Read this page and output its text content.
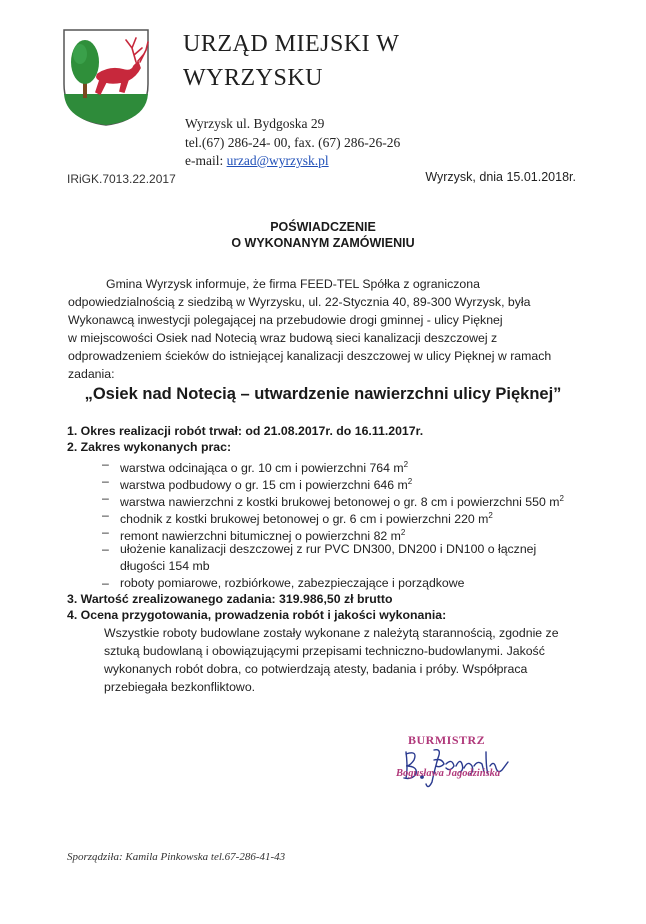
URZĄD MIEJSKI W
WYRZYSKU
Wyrzysk ul. Bydgoska 29
tel.(67) 286-24- 00, fax. (67) 286-26-26
e-mail: urzad@wyrzysk.pl
IRiGK.7013.22.2017	Wyrzysk, dnia 15.01.2018r.
POŚWIADCZENIE
O WYKONANYM ZAMÓWIENIU
Gmina Wyrzysk informuje, że firma FEED-TEL Spółka z ograniczona
odpowiedzialnością z siedzibą w Wyrzysku, ul. 22-Stycznia 40, 89-300 Wyrzysk, była
Wykonawcą inwestycji polegającej na przebudowie drogi gminnej - ulicy Pięknej
w miejscowości Osiek nad Notecią wraz budową sieci kanalizacji deszczowej z
odprowadzeniem ścieków do istniejącej kanalizacji deszczowej w ulicy Pięknej w ramach
zadania:
„Osiek nad Notecią – utwardzenie nawierzchni ulicy Pięknej”
1. Okres realizacji robót trwał: od 21.08.2017r. do 16.11.2017r.
2. Zakres wykonanych prac:
– warstwa odcinająca o gr. 10 cm i powierzchni 764 $m^2$
– warstwa podbudowy o gr. 15 cm i powierzchni 646 $m^2$
– warstwa nawierzchni z kostki brukowej betonowej o gr. 8 cm i powierzchni 550 $m^2$
– chodnik z kostki brukowej betonowej o gr. 6 cm i powierzchni 220 $m^2$
– remont nawierzchni bitumicznej o powierzchni 82 $m^2$
– ułożenie kanalizacji deszczowej z rur PVC DN300, DN200 i DN100 o łącznej
długości 154 mb
– roboty pomiarowe, rozbiórkowe, zabezpieczające i porządkowe
3. Wartość zrealizowanego zadania: 319.986,50 zł brutto
4. Ocena przygotowania, prowadzenia robót i jakości wykonania:
Wszystkie roboty budowlane zostały wykonane z należytą starannością, zgodnie ze
sztuką budowlaną i obowiązującymi przepisami techniczno-budowlanymi. Jakość
wykonanych robót dobra, co potwierdzają atesty, badania i próby. Współpraca
przebiegała bezkonfliktowo.
BURMISTRZ
Bogusława Jagodzińska
Sporządziła: Kamila Pinkowska tel.67-286-41-43
